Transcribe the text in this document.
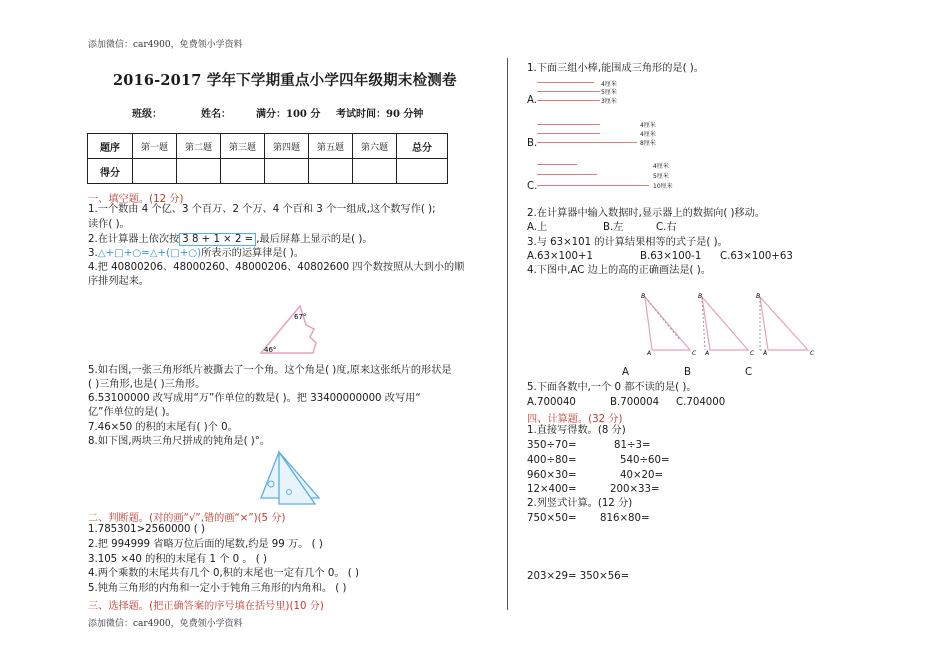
添加微信：car4900，免费领小学资料
添加微信：car4900，免费领小学资料
2016-2017 学年下学期重点小学四年级期末检测卷
班级：	姓名：	满分：100 分 考试时间：90 分钟
题序	第一题	第二题	第三题	第四题	第五题	第六题	总分
得分							
一、填空题。(12 分)
1.一个数由 4 个亿、3 个百万、2 个万、4 个百和 3 个一组成,这个数写作( );
读作( )。
2.在计算器上依次按 3 8 + 1 × 2 = ,最后屏幕上显示的是( )。
3.△+□+○=△+(□+○)所表示的运算律是( )。
4.把 40800206、48000260、48000206、40802600 四个数按照从大到小的顺
序排列起来。
67°
46°
5.如右图,一张三角形纸片被撕去了一个角。这个角是( )度,原来这张纸片的形状是
( )三角形,也是( )三角形。
6.53100000 改写成用“万”作单位的数是( )。把 33400000000 改写用“
亿”作单位的是( )。
7.46×50 的积的末尾有( )个 0。
8.如下图,两块三角尺拼成的钝角是( )°。
二、判断题。(对的画“√”,错的画“×”)(5 分)
1.785301>2560000 ( )
2.把 994999 省略万位后面的尾数,约是 99 万。 ( )
3.105 ×40 的积的末尾有 1 个 0 。 ( )
4.两个乘数的末尾共有几个 0,积的末尾也一定有几个 0。 ( )
5.钝角三角形的内角和一定小于钝角三角形的内角和。 ( )
三、选择题。(把正确答案的序号填在括号里)(10 分)
1.下面三组小棒,能围成三角形的是( )。
A.
4厘米
5厘米
3厘米
B.
4厘米
4厘米
8厘米
C.
4厘米
5厘米
10厘米
2.在计算器中输入数据时,显示器上的数据向( )移动。
A.上	B.左	C.右
3.与 63×101 的计算结果相等的式子是( )。
A.63×100+1	B.63×100-1 C.63×100+63
4.下图中,AC 边上的高的正确画法是( )。
B
A	C
B
A	C
B
A	C
A	B	C
5.下面各数中,一个 0 都不读的是( )。
A.700040	B.700004 C.704000
四、计算题。(32 分)
1.直接写得数。(8 分)
350÷70=	81÷3=
400÷80=	540÷60=
960×30=	40×20=
12×400=	200×33=
2.列竖式计算。(12 分)
750×50= 816×80=
203×29= 350×56=
